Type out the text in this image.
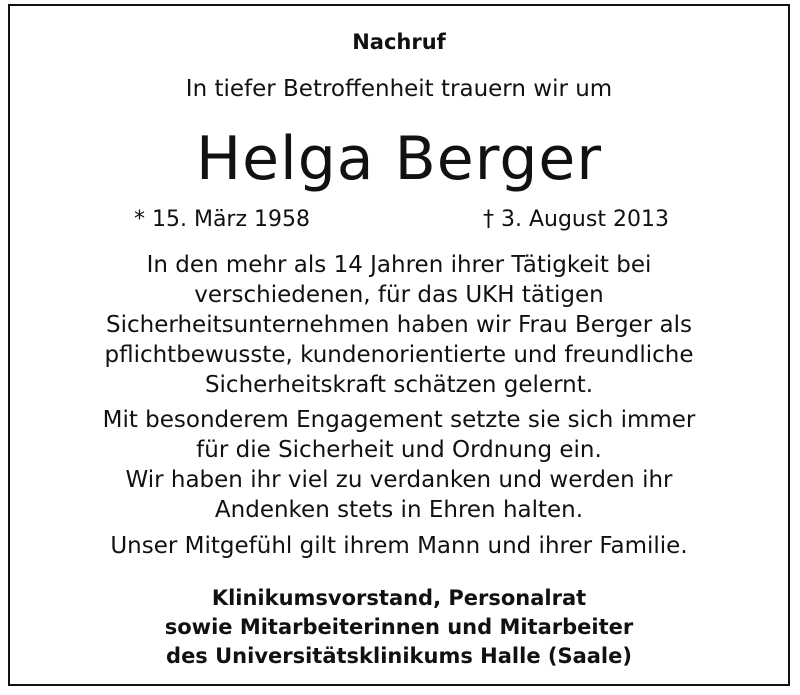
Nachruf
In tiefer Betroffenheit trauern wir um
Helga Berger
* 15. März 1958	† 3. August 2013
In den mehr als 14 Jahren ihrer Tätigkeit bei
verschiedenen, für das UKH tätigen
Sicherheitsunternehmen haben wir Frau Berger als
pflichtbewusste, kundenorientierte und freundliche
Sicherheitskraft schätzen gelernt.
Mit besonderem Engagement setzte sie sich immer
für die Sicherheit und Ordnung ein.
Wir haben ihr viel zu verdanken und werden ihr
Andenken stets in Ehren halten.
Unser Mitgefühl gilt ihrem Mann und ihrer Familie.
Klinikumsvorstand, Personalrat
sowie Mitarbeiterinnen und Mitarbeiter
des Universitätsklinikums Halle (Saale)
